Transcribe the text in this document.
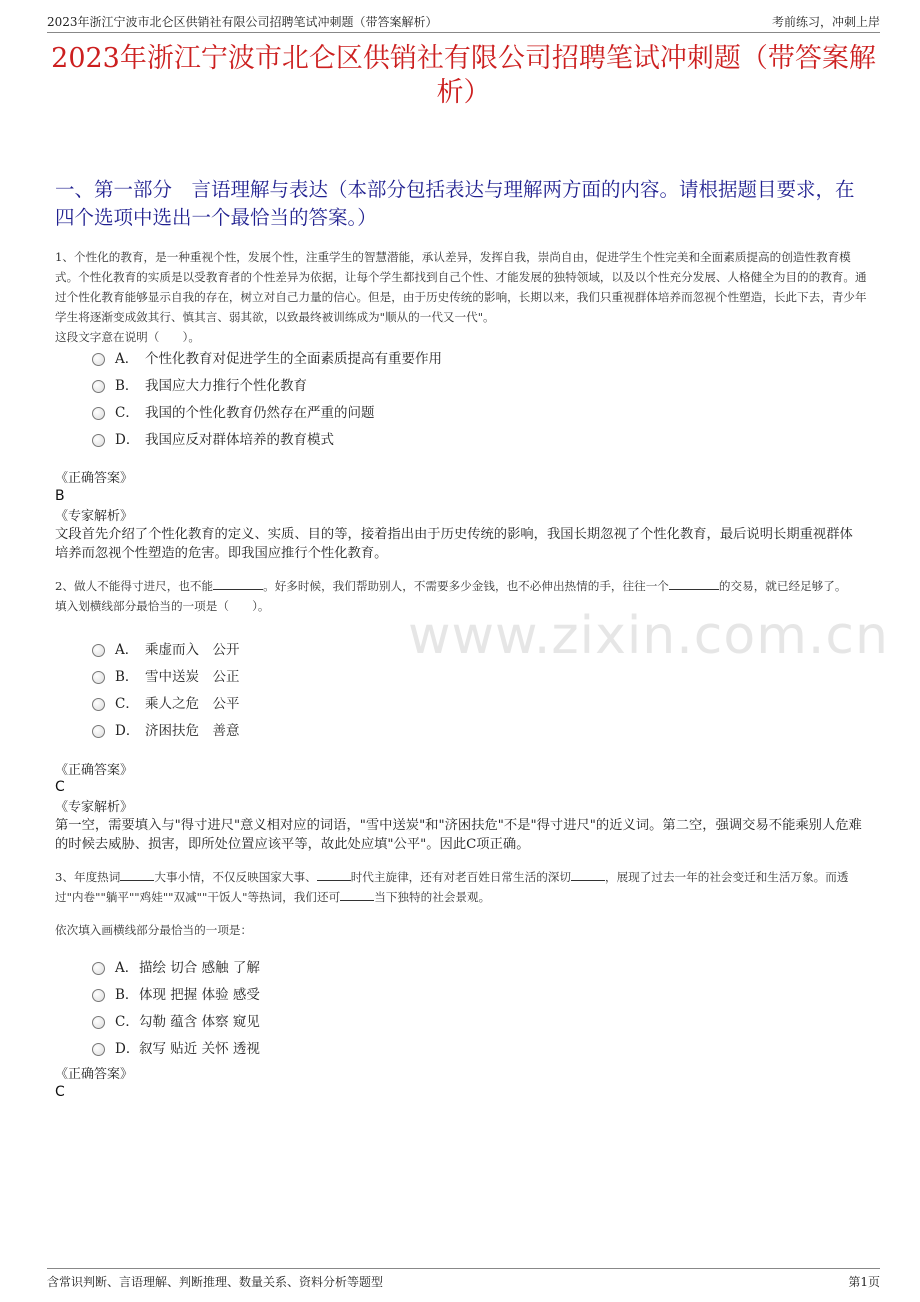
2023年浙江宁波市北仑区供销社有限公司招聘笔试冲刺题（带答案解析）	考前练习，冲刺上岸
2023年浙江宁波市北仑区供销社有限公司招聘笔试冲刺题（带答案解析）
一、第一部分　言语理解与表达（本部分包括表达与理解两方面的内容。请根据题目要求，在四个选项中选出一个最恰当的答案。）
www.zixin.com.cn
1、个性化的教育，是一种重视个性，发展个性，注重学生的智慧潜能，承认差异，发挥自我，崇尚自由，促进学生个性完美和全面素质提高的创造性教育模式。个性化教育的实质是以受教育者的个性差异为依据，让每个学生都找到自己个性、才能发展的独特领域，以及以个性充分发展、人格健全为目的的教育。通过个性化教育能够显示自我的存在，树立对自己力量的信心。但是，由于历史传统的影响，长期以来，我们只重视群体培养而忽视个性塑造，长此下去，青少年学生将逐渐变成敛其行、慎其言、弱其欲，以致最终被训练成为"顺从的一代又一代"。
这段文字意在说明（　　）。
A． 个性化教育对促进学生的全面素质提高有重要作用
B． 我国应大力推行个性化教育
C． 我国的个性化教育仍然存在严重的问题
D． 我国应反对群体培养的教育模式
《正确答案》
B
《专家解析》
文段首先介绍了个性化教育的定义、实质、目的等，接着指出由于历史传统的影响，我国长期忽视了个性化教育，最后说明长期重视群体培养而忽视个性塑造的危害。即我国应推行个性化教育。
2、做人不能得寸进尺，也不能	。好多时候，我们帮助别人，不需要多少金钱，也不必伸出热情的手，往往一个	的交易，就已经足够了。
填入划横线部分最恰当的一项是（　　）。
A． 乘虚而入　公开
B． 雪中送炭　公正
C． 乘人之危　公平
D． 济困扶危　善意
《正确答案》
C
《专家解析》
第一空，需要填入与"得寸进尺"意义相对应的词语，"雪中送炭"和"济困扶危"不是"得寸进尺"的近义词。第二空，强调交易不能乘别人危难的时候去威胁、损害，即所处位置应该平等，故此处应填"公平"。因此C项正确。
3、年度热词	大事小情，不仅反映国家大事、	时代主旋律，还有对老百姓日常生活的深切	，展现了过去一年的社会变迁和生活万象。而透过"内卷""躺平""鸡娃""双减""干饭人"等热词，我们还可	当下独特的社会景观。
依次填入画横线部分最恰当的一项是：
A． 描绘 切合 感触 了解
B． 体现 把握 体验 感受
C． 勾勒 蕴含 体察 窥见
D． 叙写 贴近 关怀 透视
《正确答案》
C
含常识判断、言语理解、判断推理、数量关系、资料分析等题型	第1页
